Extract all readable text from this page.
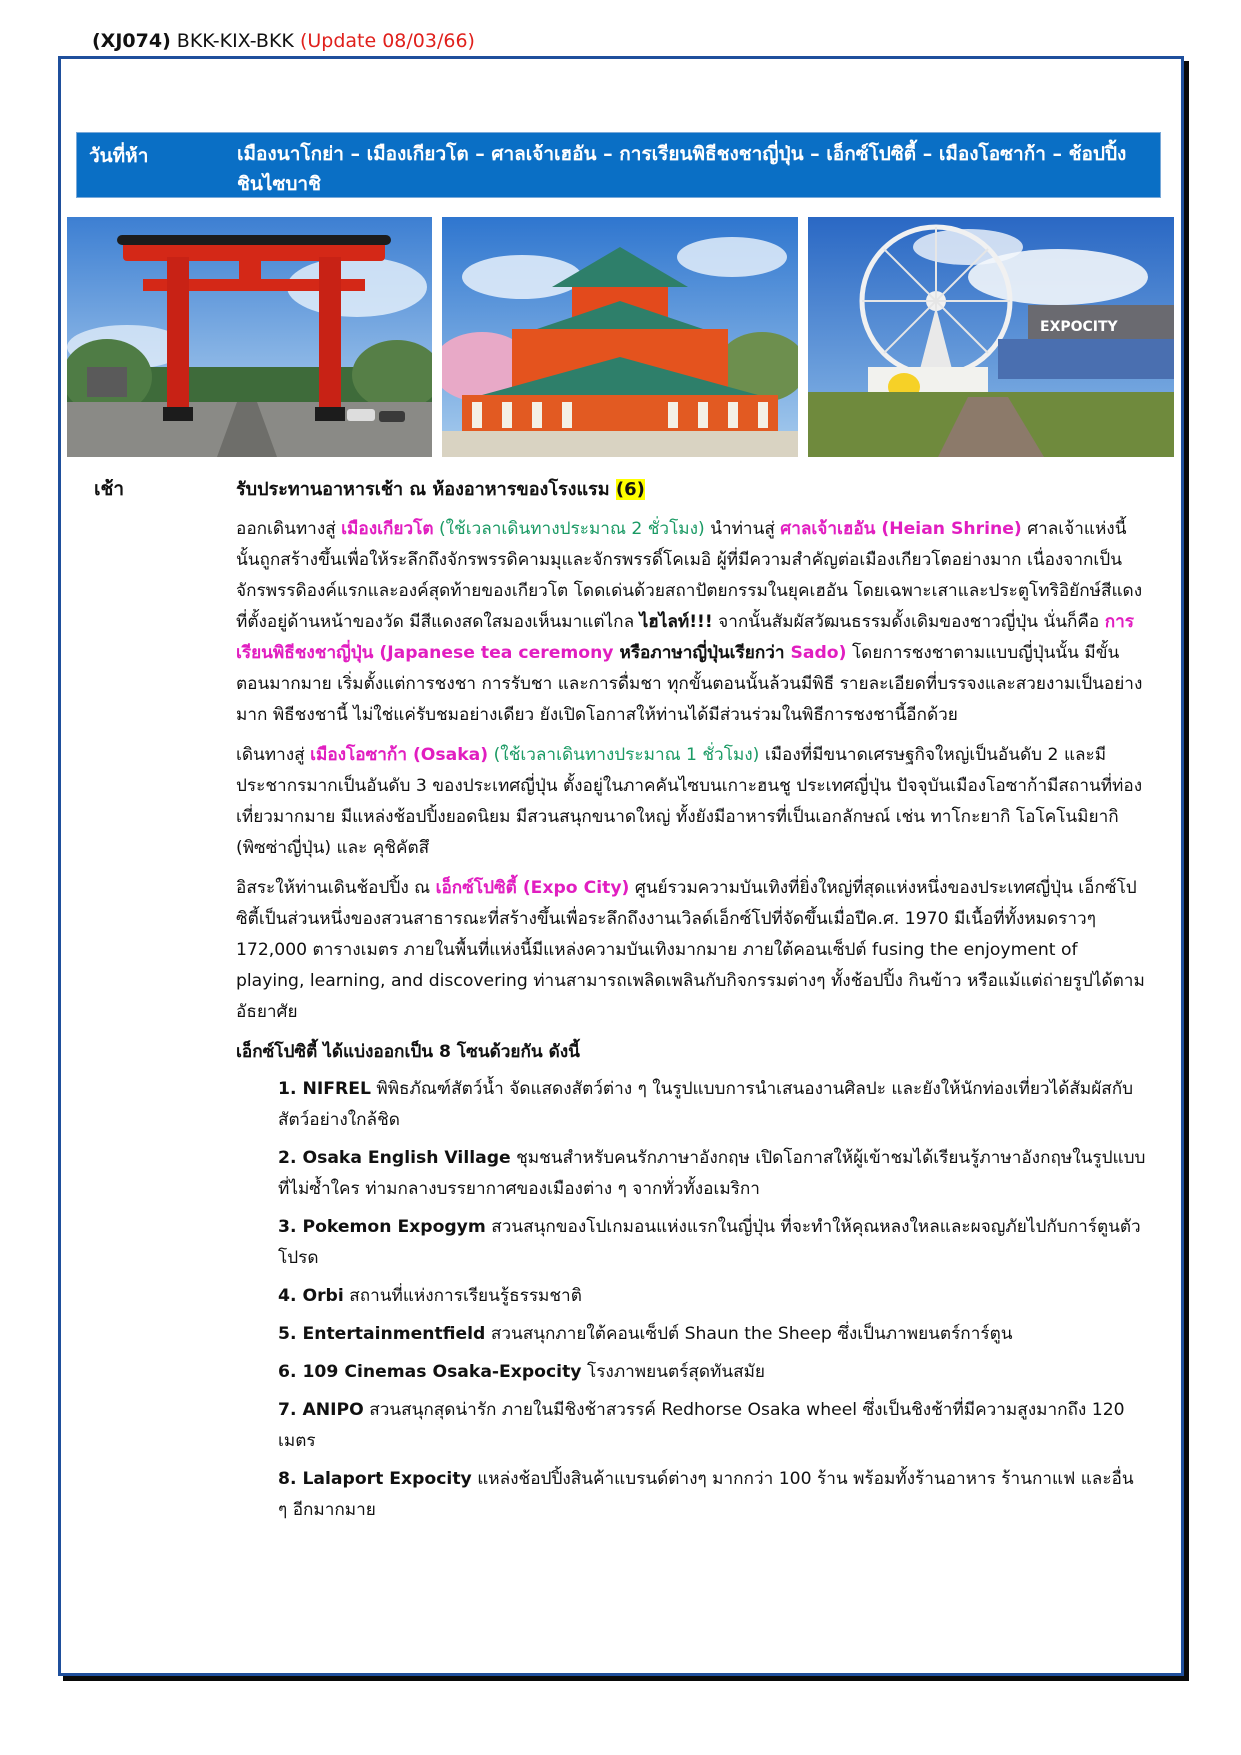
(XJ074) BKK-KIX-BKK (Update 08/03/66)
วันที่ห้า	เมืองนาโกย่า – เมืองเกียวโต – ศาลเจ้าเฮอัน – การเรียนพิธีชงชาญี่ปุ่น – เอ็กซ์โปซิตี้ – เมืองโอซาก้า – ช้อปปิ้งชินไซบาชิ
EXPOCITY
เช้า	รับประทานอาหารเช้า ณ ห้องอาหารของโรงแรม (6)

ออกเดินทางสู่ เมืองเกียวโต (ใช้เวลาเดินทางประมาณ 2 ชั่วโมง) นำท่านสู่ ศาลเจ้าเฮอัน (Heian Shrine) ศาลเจ้าแห่งนี้นั้นถูกสร้างขึ้นเพื่อให้ระลึกถึงจักรพรรดิคามมุและจักรพรรดิ์โคเมอิ ผู้ที่มีความสำคัญต่อเมืองเกียวโตอย่างมาก เนื่องจากเป็นจักรพรรดิองค์แรกและองค์สุดท้ายของเกียวโต โดดเด่นด้วยสถาปัตยกรรมในยุคเฮอัน โดยเฉพาะเสาและประตูโทริอิยักษ์สีแดงที่ตั้งอยู่ด้านหน้าของวัด มีสีแดงสดใสมองเห็นมาแต่ไกล ไฮไลท์!!! จากนั้นสัมผัสวัฒนธรรมดั้งเดิมของชาวญี่ปุ่น นั่นก็คือ การเรียนพิธีชงชาญี่ปุ่น (Japanese tea ceremony หรือภาษาญี่ปุ่นเรียกว่า Sado) โดยการชงชาตามแบบญี่ปุ่นนั้น มีขั้นตอนมากมาย เริ่มตั้งแต่การชงชา การรับชา และการดื่มชา ทุกขั้นตอนนั้นล้วนมีพิธี รายละเอียดที่บรรจงและสวยงามเป็นอย่างมาก พิธีชงชานี้ ไม่ใช่แค่รับชมอย่างเดียว ยังเปิดโอกาสให้ท่านได้มีส่วนร่วมในพิธีการชงชานี้อีกด้วย

เดินทางสู่ เมืองโอซาก้า (Osaka) (ใช้เวลาเดินทางประมาณ 1 ชั่วโมง) เมืองที่มีขนาดเศรษฐกิจใหญ่เป็นอันดับ 2 และมีประชากรมากเป็นอันดับ 3 ของประเทศญี่ปุ่น ตั้งอยู่ในภาคคันไซบนเกาะฮนชู ประเทศญี่ปุ่น ปัจจุบันเมืองโอซาก้ามีสถานที่ท่องเที่ยวมากมาย มีแหล่งช้อปปิ้งยอดนิยม มีสวนสนุกขนาดใหญ่ ทั้งยังมีอาหารที่เป็นเอกลักษณ์ เช่น ทาโกะยากิ โอโคโนมิยากิ (พิซซ่าญี่ปุ่น) และ คุชิคัตสึ

อิสระให้ท่านเดินช้อปปิ้ง ณ เอ็กซ์โปซิตี้ (Expo City) ศูนย์รวมความบันเทิงที่ยิ่งใหญ่ที่สุดแห่งหนึ่งของประเทศญี่ปุ่น เอ็กซ์โปซิตี้เป็นส่วนหนึ่งของสวนสาธารณะที่สร้างขึ้นเพื่อระลึกถึงงานเวิลด์เอ็กซ์โปที่จัดขึ้นเมื่อปีค.ศ. 1970 มีเนื้อที่ทั้งหมดราวๆ 172,000 ตารางเมตร ภายในพื้นที่แห่งนี้มีแหล่งความบันเทิงมากมาย ภายใต้คอนเซ็ปต์ fusing the enjoyment of playing, learning, and discovering ท่านสามารถเพลิดเพลินกับกิจกรรมต่างๆ ทั้งช้อปปิ้ง กินข้าว หรือแม้แต่ถ่ายรูปได้ตามอัธยาศัย

เอ็กซ์โปซิตี้ ได้แบ่งออกเป็น 8 โซนด้วยกัน ดังนี้

1. NIFREL พิพิธภัณฑ์สัตว์น้ำ จัดแสดงสัตว์ต่าง ๆ ในรูปแบบการนำเสนองานศิลปะ และยังให้นักท่องเที่ยวได้สัมผัสกับสัตว์อย่างใกล้ชิด
2. Osaka English Village ชุมชนสำหรับคนรักภาษาอังกฤษ เปิดโอกาสให้ผู้เข้าชมได้เรียนรู้ภาษาอังกฤษในรูปแบบที่ไม่ซ้ำใคร ท่ามกลางบรรยากาศของเมืองต่าง ๆ จากทั่วทั้งอเมริกา
3. Pokemon Expogym สวนสนุกของโปเกมอนแห่งแรกในญี่ปุ่น ที่จะทำให้คุณหลงใหลและผจญภัยไปกับการ์ตูนตัวโปรด
4. Orbi สถานที่แห่งการเรียนรู้ธรรมชาติ
5. Entertainmentfield สวนสนุกภายใต้คอนเซ็ปต์ Shaun the Sheep ซึ่งเป็นภาพยนตร์การ์ตูน
6. 109 Cinemas Osaka-Expocity โรงภาพยนตร์สุดทันสมัย
7. ANIPO สวนสนุกสุดน่ารัก ภายในมีชิงช้าสวรรค์ Redhorse Osaka wheel ซึ่งเป็นชิงช้าที่มีความสูงมากถึง 120 เมตร
8. Lalaport Expocity แหล่งช้อปปิ้งสินค้าแบรนด์ต่างๆ มากกว่า 100 ร้าน พร้อมทั้งร้านอาหาร ร้านกาแฟ และอื่น ๆ อีกมากมาย
